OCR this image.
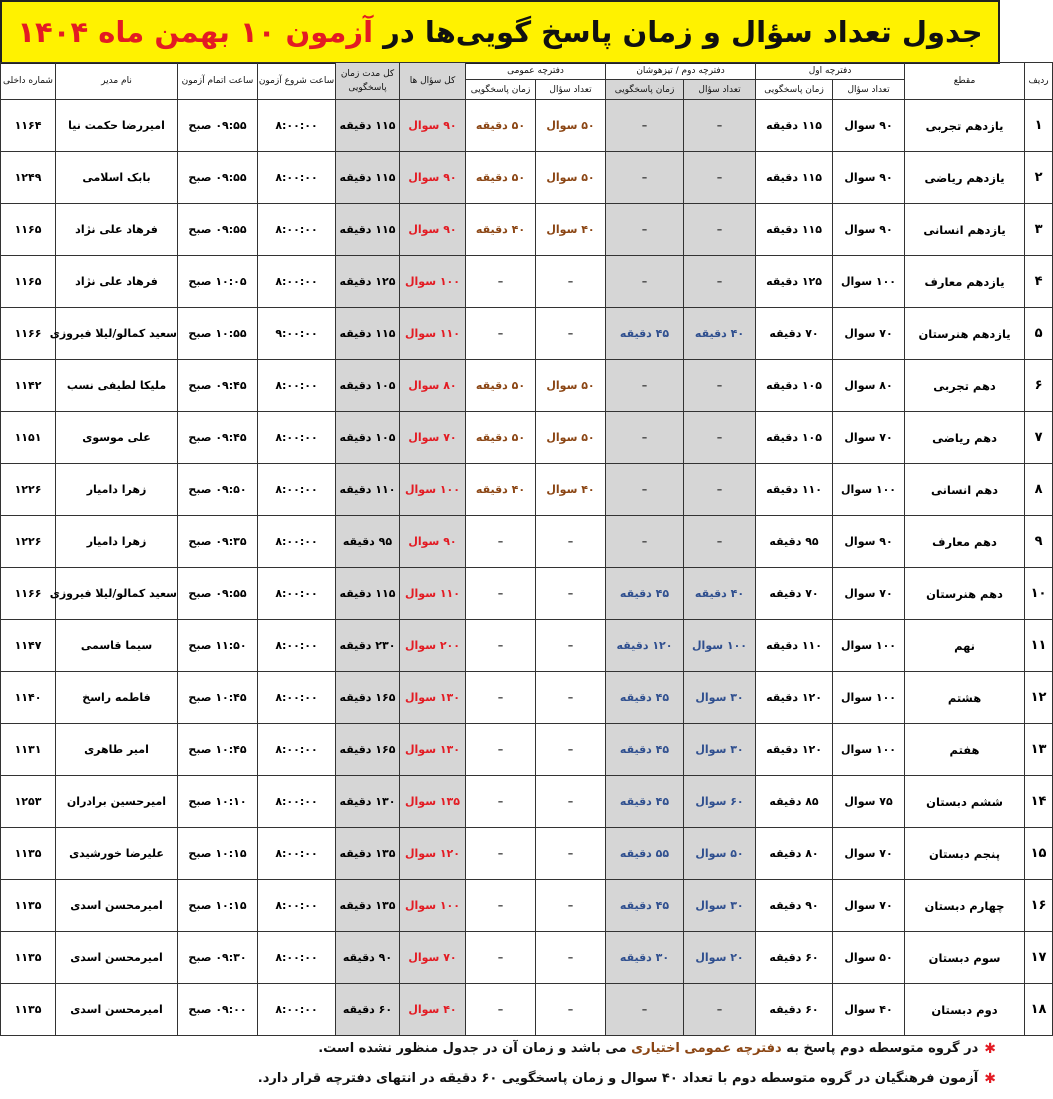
جدول تعداد سؤال و زمان پاسخ گویی‌ها در

آزمون ۱۰ بهمن ماه ۱۴۰۴
ردیف	مقطع	دفترچه اول		دفترچه دوم / تیزهوشان		دفترچه عمومی		کل سؤال ها	کل مدت زمان پاسخگویی	ساعت شروع آزمون	ساعت اتمام آزمون	نام مدیر	شماره داخلی
		تعداد سؤال	زمان پاسخگویی	تعداد سؤال	زمان پاسخگویی	تعداد سؤال	زمان پاسخگویی						
۱	یازدهم تجربی	۹۰ سوال	۱۱۵ دقیقه	–	–	۵۰ سوال	۵۰ دقیقه	۹۰ سوال	۱۱۵ دقیقه	۸:۰۰:۰۰	۰۹:۵۵ صبح	امیررضا حکمت نیا	۱۱۶۴
۲	یازدهم ریاضی	۹۰ سوال	۱۱۵ دقیقه	–	–	۵۰ سوال	۵۰ دقیقه	۹۰ سوال	۱۱۵ دقیقه	۸:۰۰:۰۰	۰۹:۵۵ صبح	بابک اسلامی	۱۲۴۹
۳	یازدهم انسانی	۹۰ سوال	۱۱۵ دقیقه	–	–	۴۰ سوال	۴۰ دقیقه	۹۰ سوال	۱۱۵ دقیقه	۸:۰۰:۰۰	۰۹:۵۵ صبح	فرهاد علی نژاد	۱۱۶۵
۴	یازدهم معارف	۱۰۰ سوال	۱۲۵ دقیقه	–	–	–	–	۱۰۰ سوال	۱۲۵ دقیقه	۸:۰۰:۰۰	۱۰:۰۵ صبح	فرهاد علی نژاد	۱۱۶۵
۵	یازدهم هنرستان	۷۰ سوال	۷۰ دقیقه	۴۰ دقیقه	۴۵ دقیقه	–	–	۱۱۰ سوال	۱۱۵ دقیقه	۹:۰۰:۰۰	۱۰:۵۵ صبح	سعید کمالو/لیلا فیروزی	۱۱۶۶
۶	دهم تجربی	۸۰ سوال	۱۰۵ دقیقه	–	–	۵۰ سوال	۵۰ دقیقه	۸۰ سوال	۱۰۵ دقیقه	۸:۰۰:۰۰	۰۹:۴۵ صبح	ملیکا لطیفی نسب	۱۱۴۲
۷	دهم ریاضی	۷۰ سوال	۱۰۵ دقیقه	–	–	۵۰ سوال	۵۰ دقیقه	۷۰ سوال	۱۰۵ دقیقه	۸:۰۰:۰۰	۰۹:۴۵ صبح	علی موسوی	۱۱۵۱
۸	دهم انسانی	۱۰۰ سوال	۱۱۰ دقیقه	–	–	۴۰ سوال	۴۰ دقیقه	۱۰۰ سوال	۱۱۰ دقیقه	۸:۰۰:۰۰	۰۹:۵۰ صبح	زهرا دامیار	۱۲۲۶
۹	دهم معارف	۹۰ سوال	۹۵ دقیقه	–	–	–	–	۹۰ سوال	۹۵ دقیقه	۸:۰۰:۰۰	۰۹:۳۵ صبح	زهرا دامیار	۱۲۲۶
۱۰	دهم هنرستان	۷۰ سوال	۷۰ دقیقه	۴۰ دقیقه	۴۵ دقیقه	–	–	۱۱۰ سوال	۱۱۵ دقیقه	۸:۰۰:۰۰	۰۹:۵۵ صبح	سعید کمالو/لیلا فیروزی	۱۱۶۶
۱۱	نهم	۱۰۰ سوال	۱۱۰ دقیقه	۱۰۰ سوال	۱۲۰ دقیقه	–	–	۲۰۰ سوال	۲۳۰ دقیقه	۸:۰۰:۰۰	۱۱:۵۰ صبح	سیما قاسمی	۱۱۴۷
۱۲	هشتم	۱۰۰ سوال	۱۲۰ دقیقه	۳۰ سوال	۴۵ دقیقه	–	–	۱۳۰ سوال	۱۶۵ دقیقه	۸:۰۰:۰۰	۱۰:۴۵ صبح	فاطمه راسخ	۱۱۴۰
۱۳	هفتم	۱۰۰ سوال	۱۲۰ دقیقه	۳۰ سوال	۴۵ دقیقه	–	–	۱۳۰ سوال	۱۶۵ دقیقه	۸:۰۰:۰۰	۱۰:۴۵ صبح	امیر طاهری	۱۱۳۱
۱۴	ششم دبستان	۷۵ سوال	۸۵ دقیقه	۶۰ سوال	۴۵ دقیقه	–	–	۱۳۵ سوال	۱۳۰ دقیقه	۸:۰۰:۰۰	۱۰:۱۰ صبح	امیرحسین برادران	۱۲۵۳
۱۵	پنجم دبستان	۷۰ سوال	۸۰ دقیقه	۵۰ سوال	۵۵ دقیقه	–	–	۱۲۰ سوال	۱۳۵ دقیقه	۸:۰۰:۰۰	۱۰:۱۵ صبح	علیرضا خورشیدی	۱۱۳۵
۱۶	چهارم دبستان	۷۰ سوال	۹۰ دقیقه	۳۰ سوال	۴۵ دقیقه	–	–	۱۰۰ سوال	۱۳۵ دقیقه	۸:۰۰:۰۰	۱۰:۱۵ صبح	امیرمحسن اسدی	۱۱۳۵
۱۷	سوم دبستان	۵۰ سوال	۶۰ دقیقه	۲۰ سوال	۳۰ دقیقه	–	–	۷۰ سوال	۹۰ دقیقه	۸:۰۰:۰۰	۰۹:۳۰ صبح	امیرمحسن اسدی	۱۱۳۵
۱۸	دوم دبستان	۴۰ سوال	۶۰ دقیقه	–	–	–	–	۴۰ سوال	۶۰ دقیقه	۸:۰۰:۰۰	۰۹:۰۰ صبح	امیرمحسن اسدی	۱۱۳۵
✱
در گروه متوسطه دوم پاسخ به

دفترچه عمومی اختیاری

می باشد و زمان آن در جدول منظور نشده است.
✱
آزمون فرهنگیان در گروه متوسطه دوم با تعداد ۴۰ سوال و زمان پاسخگویی ۶۰ دقیقه در انتهای دفترچه قرار دارد.
